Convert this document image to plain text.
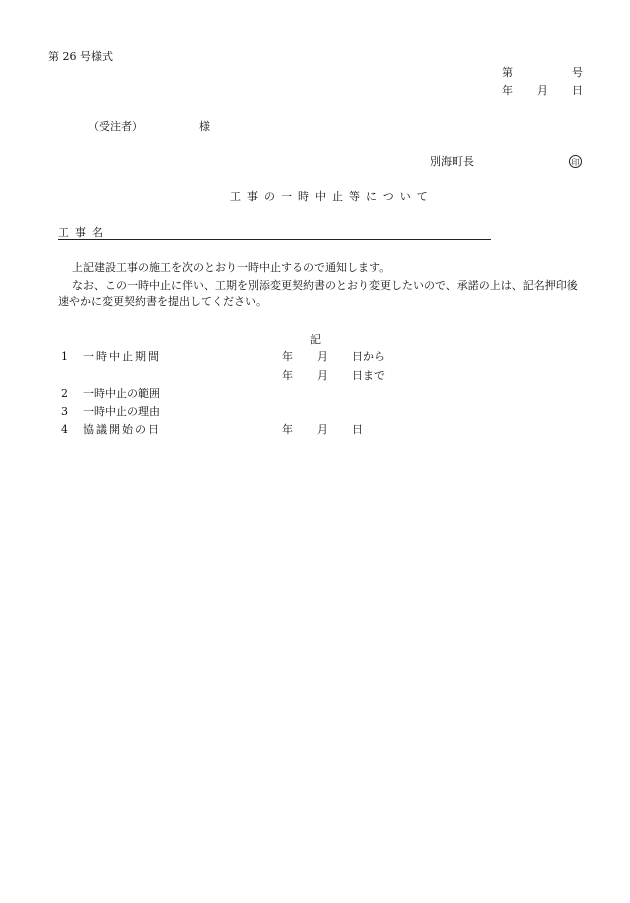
第 26 号様式
第	号
年 月 日
（受注者）	様
別海町長	印
工事の一時中止等について
工事名
上記建設工事の施工を次のとおり一時中止するので通知します。
なお、この一時中止に伴い、工期を別添変更契約書のとおり変更したいので、承諾の上は、記名押印後速やかに変更契約書を提出してください。
記
1 一時中止期間	年 月 日から
年 月 日まで
2 一時中止の範囲
3 一時中止の理由
4 協議開始の日	年 月 日
